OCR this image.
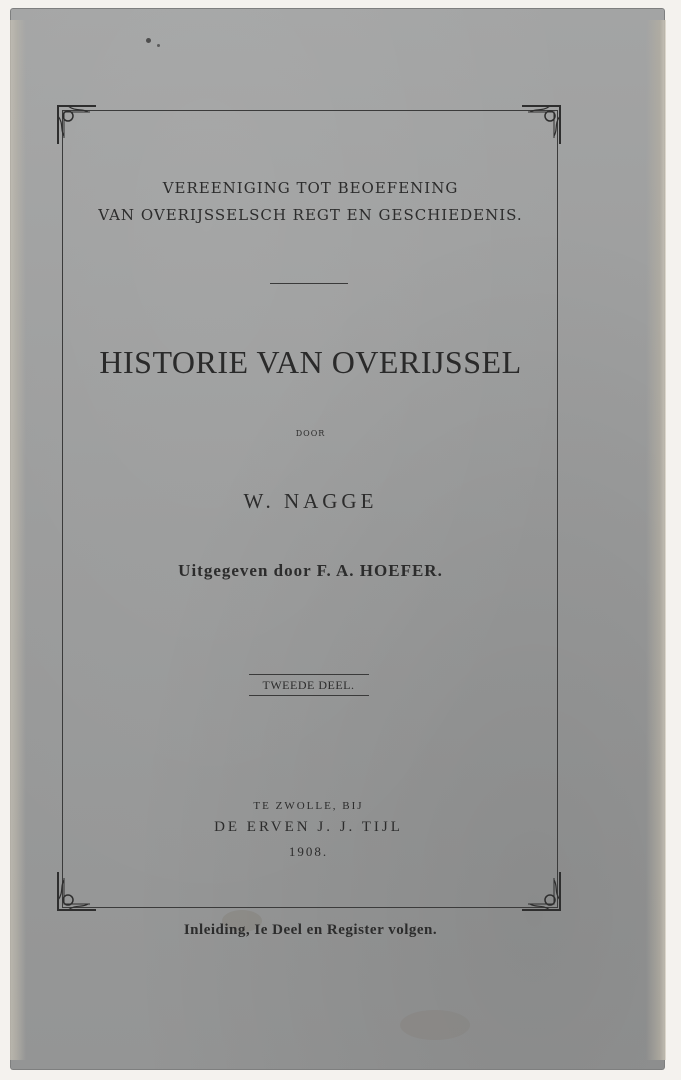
VEREENIGING TOT BEOEFENING
VAN OVERIJSSELSCH REGT EN GESCHIEDENIS.
HISTORIE VAN OVERIJSSEL
DOOR
W. NAGGE
Uitgegeven door F. A. HOEFER.
TWEEDE DEEL.
TE ZWOLLE, BIJ
DE ERVEN J. J. TIJL
1908.
Inleiding, Ie Deel en Register volgen.
